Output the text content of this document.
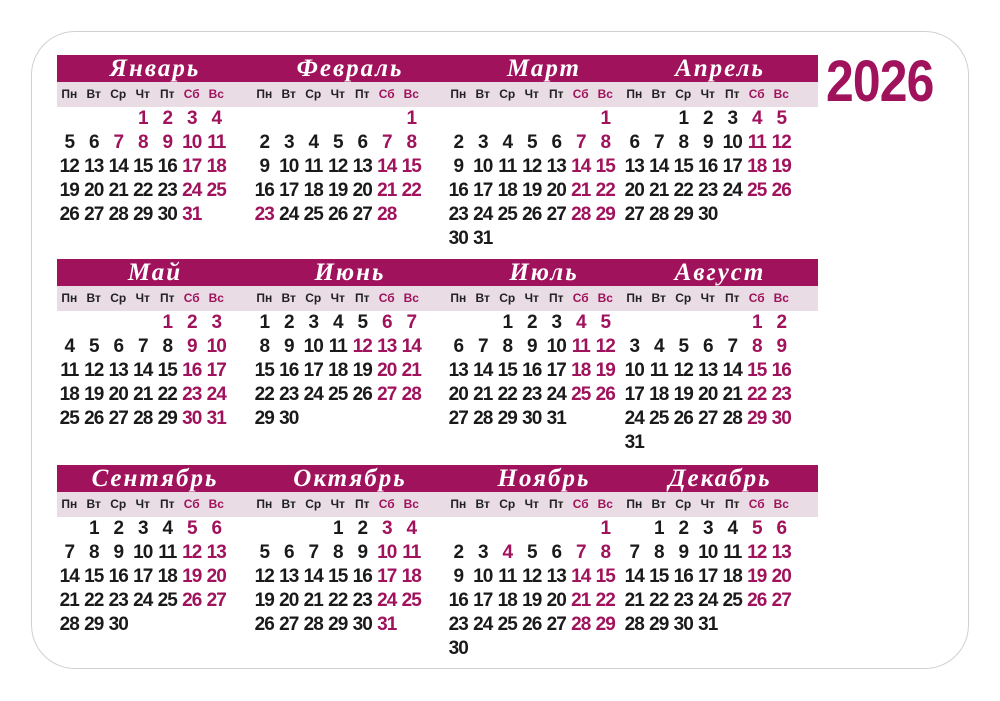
2026
Январь
Пн Вт Ср Чт Пт Сб Вс
1 2 3 4
5 6 7 8 9 10 11
12 13 14 15 16 17 18
19 20 21 22 23 24 25
26 27 28 29 30 31
Февраль
Пн Вт Ср Чт Пт Сб Вс
1
2 3 4 5 6 7 8
9 10 11 12 13 14 15
16 17 18 19 20 21 22
23 24 25 26 27 28
Март
Пн Вт Ср Чт Пт Сб Вс
1
2 3 4 5 6 7 8
9 10 11 12 13 14 15
16 17 18 19 20 21 22
23 24 25 26 27 28 29
30 31
Апрель
Пн Вт Ср Чт Пт Сб Вс
1 2 3 4 5
6 7 8 9 10 11 12
13 14 15 16 17 18 19
20 21 22 23 24 25 26
27 28 29 30
Май
Пн Вт Ср Чт Пт Сб Вс
1 2 3
4 5 6 7 8 9 10
11 12 13 14 15 16 17
18 19 20 21 22 23 24
25 26 27 28 29 30 31
Июнь
Пн Вт Ср Чт Пт Сб Вс
1 2 3 4 5 6 7
8 9 10 11 12 13 14
15 16 17 18 19 20 21
22 23 24 25 26 27 28
29 30
Июль
Пн Вт Ср Чт Пт Сб Вс
1 2 3 4 5
6 7 8 9 10 11 12
13 14 15 16 17 18 19
20 21 22 23 24 25 26
27 28 29 30 31
Август
Пн Вт Ср Чт Пт Сб Вс
1 2
3 4 5 6 7 8 9
10 11 12 13 14 15 16
17 18 19 20 21 22 23
24 25 26 27 28 29 30
31
Сентябрь
Пн Вт Ср Чт Пт Сб Вс
1 2 3 4 5 6
7 8 9 10 11 12 13
14 15 16 17 18 19 20
21 22 23 24 25 26 27
28 29 30
Октябрь
Пн Вт Ср Чт Пт Сб Вс
1 2 3 4
5 6 7 8 9 10 11
12 13 14 15 16 17 18
19 20 21 22 23 24 25
26 27 28 29 30 31
Ноябрь
Пн Вт Ср Чт Пт Сб Вс
1
2 3 4 5 6 7 8
9 10 11 12 13 14 15
16 17 18 19 20 21 22
23 24 25 26 27 28 29
30
Декабрь
Пн Вт Ср Чт Пт Сб Вс
1 2 3 4 5 6
7 8 9 10 11 12 13
14 15 16 17 18 19 20
21 22 23 24 25 26 27
28 29 30 31
